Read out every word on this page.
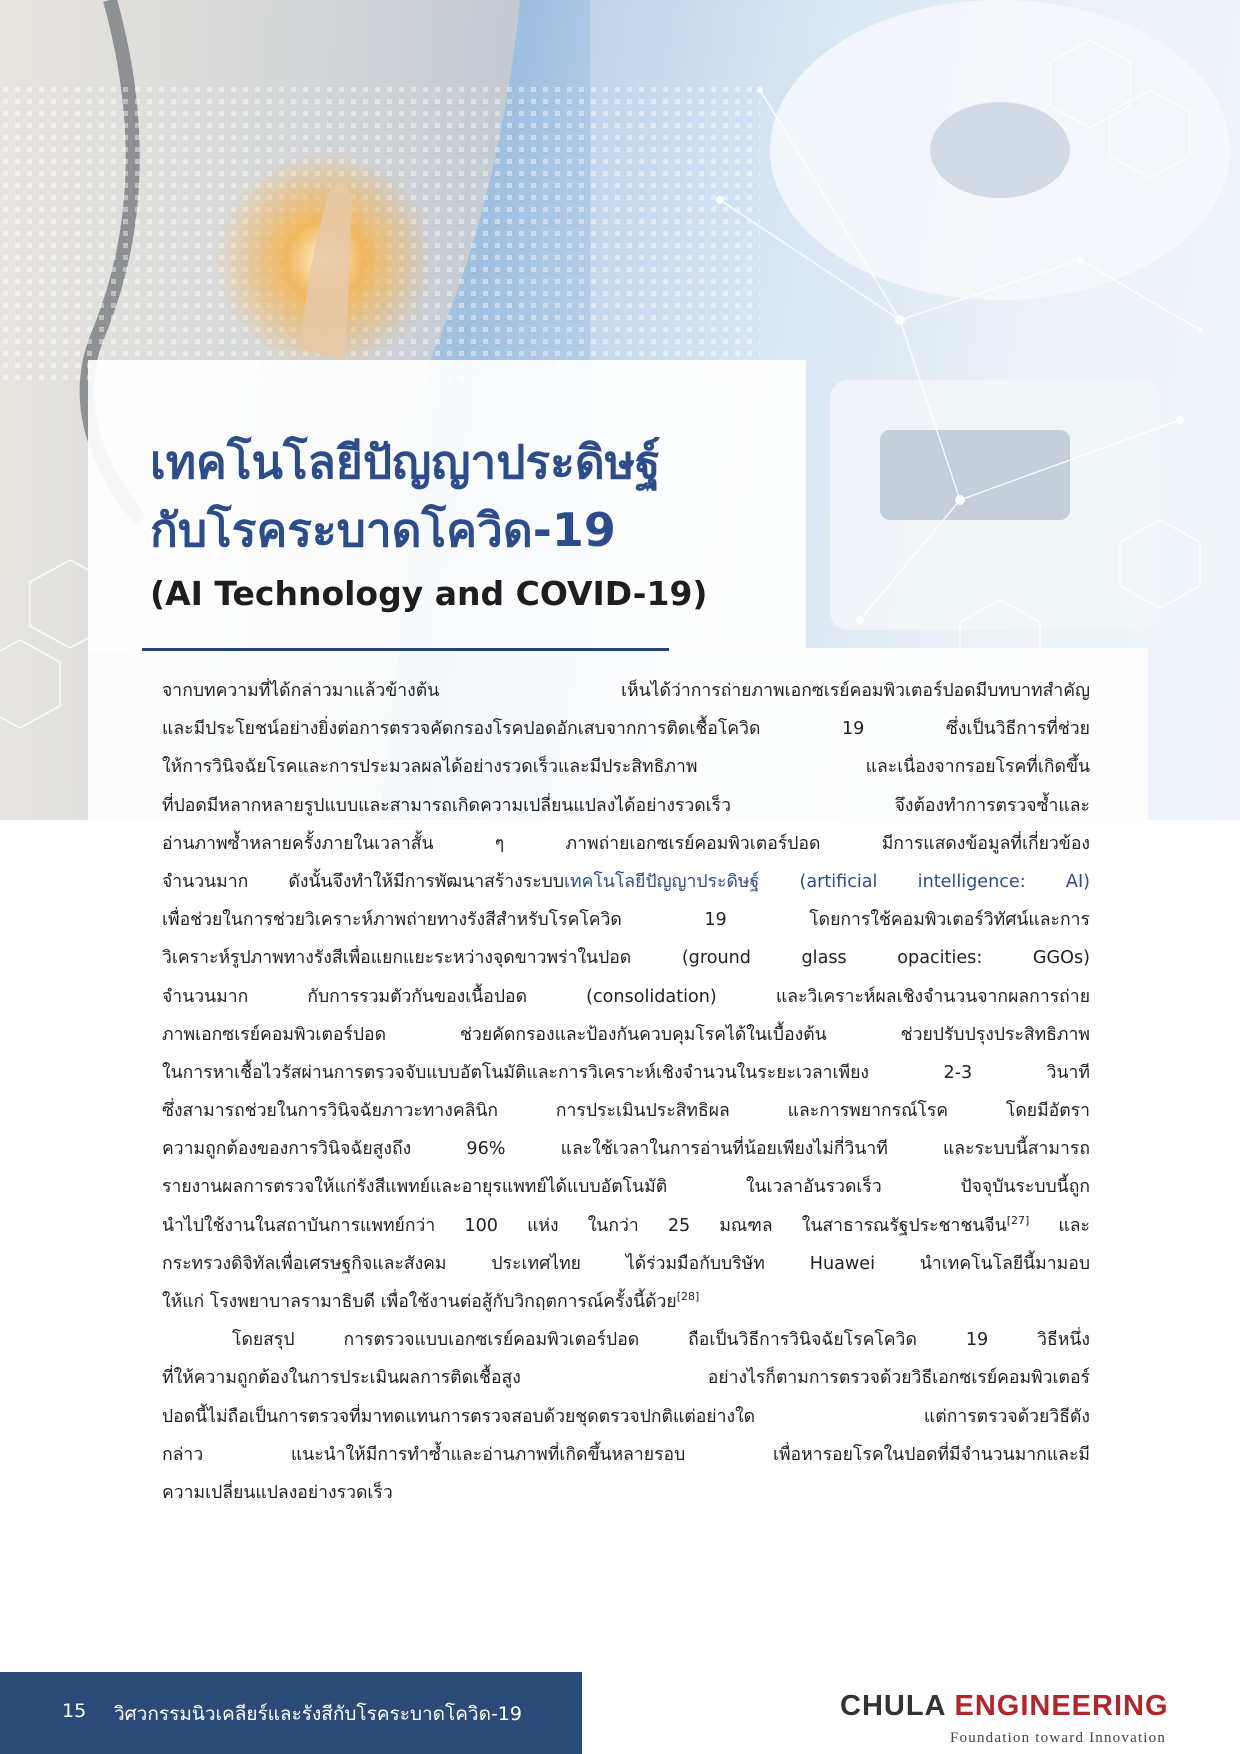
เทคโนโลยีปัญญาประดิษฐ์
กับโรคระบาดโควิด-19
(AI Technology and COVID-19)
จากบทความที่ได้กล่าวมาแล้วข้างต้น เห็นได้ว่าการถ่ายภาพเอกซเรย์คอมพิวเตอร์ปอดมีบทบาทสำคัญ
และมีประโยชน์อย่างยิ่งต่อการตรวจคัดกรองโรคปอดอักเสบจากการติดเชื้อโควิด 19 ซึ่งเป็นวิธีการที่ช่วย
ให้การวินิจฉัยโรคและการประมวลผลได้อย่างรวดเร็วและมีประสิทธิภาพ และเนื่องจากรอยโรคที่เกิดขึ้น
ที่ปอดมีหลากหลายรูปแบบและสามารถเกิดความเปลี่ยนแปลงได้อย่างรวดเร็ว จึงต้องทำการตรวจซ้ำและ
อ่านภาพซ้ำหลายครั้งภายในเวลาสั้น ๆ ภาพถ่ายเอกซเรย์คอมพิวเตอร์ปอด มีการแสดงข้อมูลที่เกี่ยวข้อง
จำนวนมาก ดังนั้นจึงทำให้มีการพัฒนาสร้างระบบเทคโนโลยีปัญญาประดิษฐ์ (artificial intelligence: AI)
เพื่อช่วยในการช่วยวิเคราะห์ภาพถ่ายทางรังสีสำหรับโรคโควิด 19 โดยการใช้คอมพิวเตอร์วิทัศน์และการ
วิเคราะห์รูปภาพทางรังสีเพื่อแยกแยะระหว่างจุดขาวพร่าในปอด (ground glass opacities: GGOs)
จำนวนมาก กับการรวมตัวกันของเนื้อปอด (consolidation) และวิเคราะห์ผลเชิงจำนวนจากผลการถ่าย
ภาพเอกซเรย์คอมพิวเตอร์ปอด ช่วยคัดกรองและป้องกันควบคุมโรคได้ในเบื้องต้น ช่วยปรับปรุงประสิทธิภาพ
ในการหาเชื้อไวรัสผ่านการตรวจจับแบบอัตโนมัติและการวิเคราะห์เชิงจำนวนในระยะเวลาเพียง 2-3 วินาที
ซึ่งสามารถช่วยในการวินิจฉัยภาวะทางคลินิก การประเมินประสิทธิผล และการพยากรณ์โรค โดยมีอัตรา
ความถูกต้องของการวินิจฉัยสูงถึง 96% และใช้เวลาในการอ่านที่น้อยเพียงไม่กี่วินาที และระบบนี้สามารถ
รายงานผลการตรวจให้แก่รังสีแพทย์และอายุรแพทย์ได้แบบอัตโนมัติ ในเวลาอันรวดเร็ว ปัจจุบันระบบนี้ถูก
นำไปใช้งานในสถาบันการแพทย์กว่า 100 แห่ง ในกว่า 25 มณฑล ในสาธารณรัฐประชาชนจีน[27] และ
กระทรวงดิจิทัลเพื่อเศรษฐกิจและสังคม ประเทศไทย ได้ร่วมมือกับบริษัท Huawei นำเทคโนโลยีนี้มามอบ
ให้แก่ โรงพยาบาลรามาธิบดี เพื่อใช้งานต่อสู้กับวิกฤตการณ์ครั้งนี้ด้วย[28]
โดยสรุป การตรวจแบบเอกซเรย์คอมพิวเตอร์ปอด ถือเป็นวิธีการวินิจฉัยโรคโควิด 19 วิธีหนึ่ง
ที่ให้ความถูกต้องในการประเมินผลการติดเชื้อสูง อย่างไรก็ตามการตรวจด้วยวิธีเอกซเรย์คอมพิวเตอร์
ปอดนี้ไม่ถือเป็นการตรวจที่มาทดแทนการตรวจสอบด้วยชุดตรวจปกติแต่อย่างใด แต่การตรวจด้วยวิธีดัง
กล่าว แนะนำให้มีการทำซ้ำและอ่านภาพที่เกิดขึ้นหลายรอบ เพื่อหารอยโรคในปอดที่มีจำนวนมากและมี
ความเปลี่ยนแปลงอย่างรวดเร็ว
15 วิศวกรรมนิวเคลียร์และรังสีกับโรคระบาดโควิด-19	CHULA ENGINEERING
Foundation toward Innovation
